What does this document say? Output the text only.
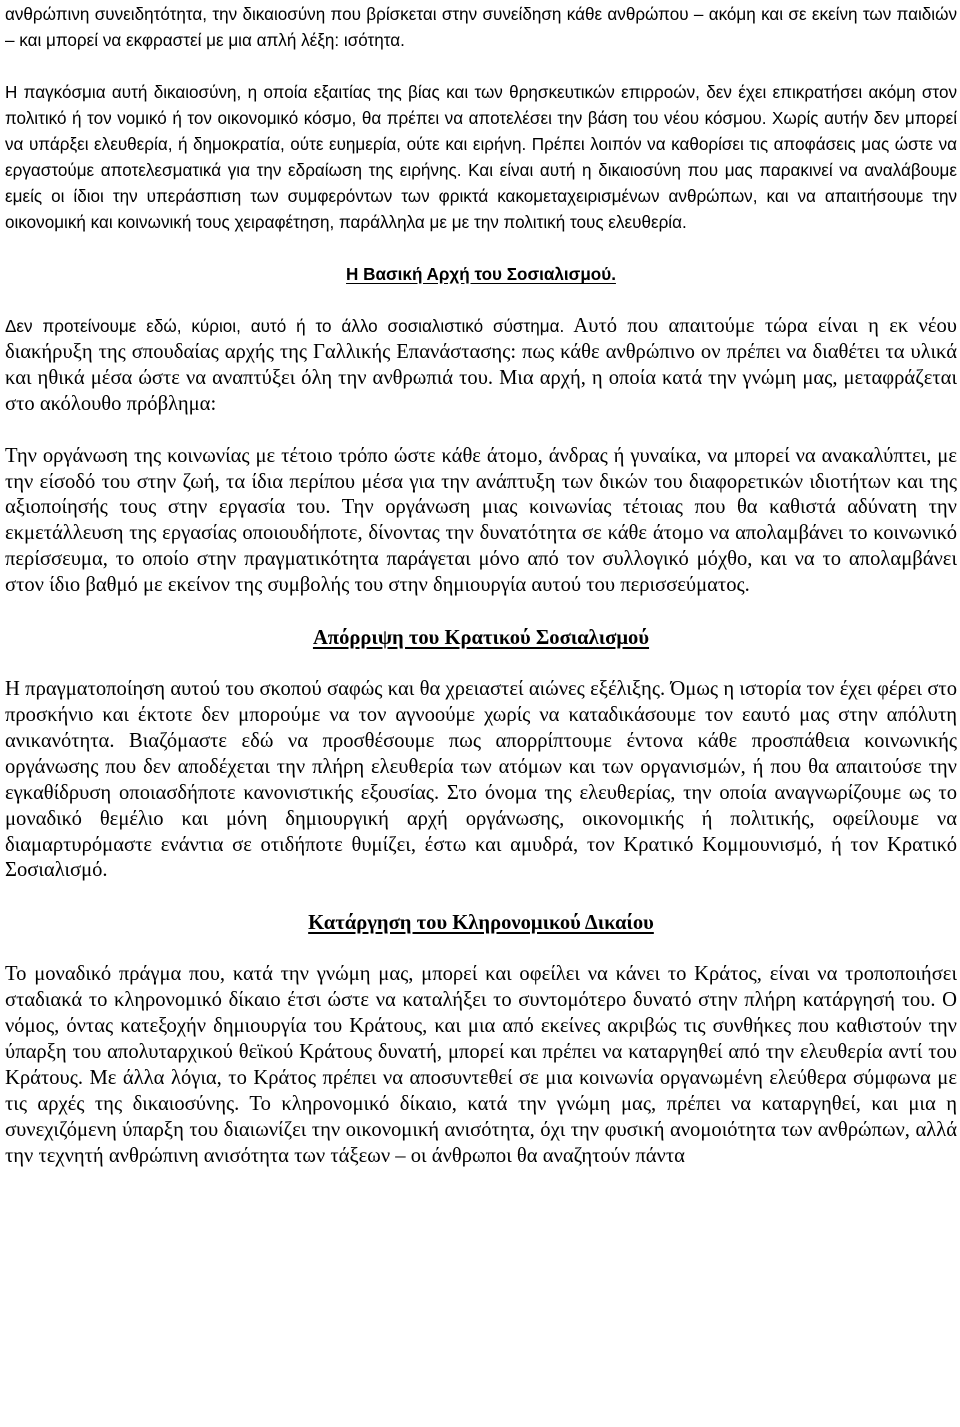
ανθρώπινη συνειδητότητα, την δικαιοσύνη που βρίσκεται στην συνείδηση κάθε ανθρώπου – ακόμη και σε εκείνη των παιδιών – και μπορεί να εκφραστεί με μια απλή λέξη: ισότητα.

Η παγκόσμια αυτή δικαιοσύνη, η οποία εξαιτίας της βίας και των θρησκευτικών επιρροών, δεν έχει επικρατήσει ακόμη στον πολιτικό ή τον νομικό ή τον οικονομικό κόσμο, θα πρέπει να αποτελέσει την βάση του νέου κόσμου. Χωρίς αυτήν δεν μπορεί να υπάρξει ελευθερία, ή δημοκρατία, ούτε ευημερία, ούτε και ειρήνη. Πρέπει λοιπόν να καθορίσει τις αποφάσεις μας ώστε να εργαστούμε αποτελεσματικά για την εδραίωση της ειρήνης. Και είναι αυτή η δικαιοσύνη που μας παρακινεί να αναλάβουμε εμείς οι ίδιοι την υπεράσπιση των συμφερόντων των φρικτά κακομεταχειρισμένων ανθρώπων, και να απαιτήσουμε την οικονομική και κοινωνική τους χειραφέτηση, παράλληλα με με την πολιτική τους ελευθερία.

Η Βασική Αρχή του Σοσιαλισμού.

Δεν προτείνουμε εδώ, κύριοι, αυτό ή το άλλο σοσιαλιστικό σύστημα. Αυτό που απαιτούμε τώρα είναι η εκ νέου διακήρυξη της σπουδαίας αρχής της Γαλλικής Επανάστασης: πως κάθε ανθρώπινο ον πρέπει να διαθέτει τα υλικά και ηθικά μέσα ώστε να αναπτύξει όλη την ανθρωπιά του. Μια αρχή, η οποία κατά την γνώμη μας, μεταφράζεται στο ακόλουθο πρόβλημα:

Την οργάνωση της κοινωνίας με τέτοιο τρόπο ώστε κάθε άτομο, άνδρας ή γυναίκα, να μπορεί να ανακαλύπτει, με την είσοδό του στην ζωή, τα ίδια περίπου μέσα για την ανάπτυξη των δικών του διαφορετικών ιδιοτήτων και της αξιοποίησής τους στην εργασία του. Την οργάνωση μιας κοινωνίας τέτοιας που θα καθιστά αδύνατη την εκμετάλλευση της εργασίας οποιουδήποτε, δίνοντας την δυνατότητα σε κάθε άτομο να απολαμβάνει το κοινωνικό περίσσευμα, το οποίο στην πραγματικότητα παράγεται μόνο από τον συλλογικό μόχθο, και να το απολαμβάνει στον ίδιο βαθμό με εκείνον της συμβολής του στην δημιουργία αυτού του περισσεύματος.

Απόρριψη του Κρατικού Σοσιαλισμού

Η πραγματοποίηση αυτού του σκοπού σαφώς και θα χρειαστεί αιώνες εξέλιξης. Όμως η ιστορία τον έχει φέρει στο προσκήνιο και έκτοτε δεν μπορούμε να τον αγνοούμε χωρίς να καταδικάσουμε τον εαυτό μας στην απόλυτη ανικανότητα. Βιαζόμαστε εδώ να προσθέσουμε πως απορρίπτουμε έντονα κάθε προσπάθεια κοινωνικής οργάνωσης που δεν αποδέχεται την πλήρη ελευθερία των ατόμων και των οργανισμών, ή που θα απαιτούσε την εγκαθίδρυση οποιασδήποτε κανονιστικής εξουσίας. Στο όνομα της ελευθερίας, την οποία αναγνωρίζουμε ως το μοναδικό θεμέλιο και μόνη δημιουργική αρχή οργάνωσης, οικονομικής ή πολιτικής, οφείλουμε να διαμαρτυρόμαστε ενάντια σε οτιδήποτε θυμίζει, έστω και αμυδρά, τον Κρατικό Κομμουνισμό, ή τον Κρατικό Σοσιαλισμό.

Κατάργηση του Κληρονομικού Δικαίου

Το μοναδικό πράγμα που, κατά την γνώμη μας, μπορεί και οφείλει να κάνει το Κράτος, είναι να τροποποιήσει σταδιακά το κληρονομικό δίκαιο έτσι ώστε να καταλήξει το συντομότερο δυνατό στην πλήρη κατάργησή του. Ο νόμος, όντας κατεξοχήν δημιουργία του Κράτους, και μια από εκείνες ακριβώς τις συνθήκες που καθιστούν την ύπαρξη του απολυταρχικού θεϊκού Κράτους δυνατή, μπορεί και πρέπει να καταργηθεί από την ελευθερία αντί του Κράτους. Με άλλα λόγια, το Κράτος πρέπει να αποσυντεθεί σε μια κοινωνία οργανωμένη ελεύθερα σύμφωνα με τις αρχές της δικαιοσύνης. Το κληρονομικό δίκαιο, κατά την γνώμη μας, πρέπει να καταργηθεί, και μια η συνεχιζόμενη ύπαρξη του διαιωνίζει την οικονομική ανισότητα, όχι την φυσική ανομοιότητα των ανθρώπων, αλλά την τεχνητή ανθρώπινη ανισότητα των τάξεων – οι άνθρωποι θα αναζητούν πάντα
